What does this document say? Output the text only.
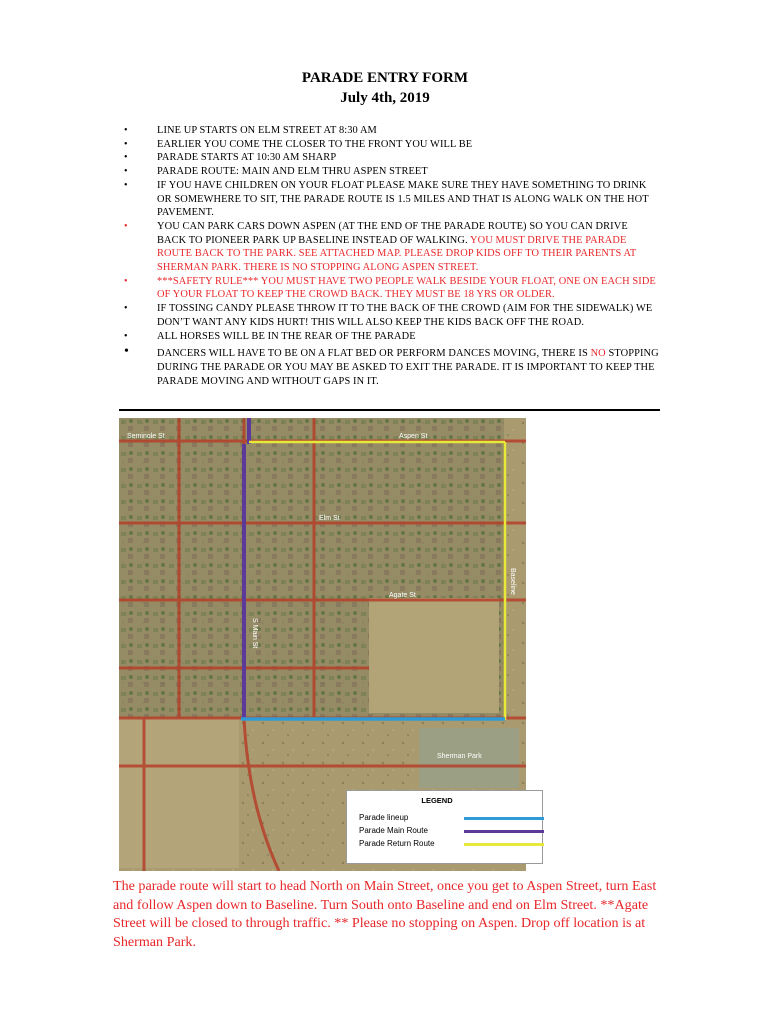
PARADE ENTRY FORM
July 4th, 2019
•	LINE UP STARTS ON ELM STREET AT 8:30 AM
•	EARLIER YOU COME THE CLOSER TO THE FRONT YOU WILL BE
•	PARADE STARTS AT 10:30 AM SHARP
•	PARADE ROUTE: MAIN AND ELM THRU ASPEN STREET
•	IF YOU HAVE CHILDREN ON YOUR FLOAT PLEASE MAKE SURE THEY HAVE SOMETHING TO DRINK OR SOMEWHERE TO SIT, THE PARADE ROUTE IS 1.5 MILES AND THAT IS ALONG WALK ON THE HOT PAVEMENT.
•	YOU CAN PARK CARS DOWN ASPEN (AT THE END OF THE PARADE ROUTE) SO YOU CAN DRIVE BACK TO PIONEER PARK UP BASELINE INSTEAD OF WALKING. YOU MUST DRIVE THE PARADE ROUTE BACK TO THE PARK. SEE ATTACHED MAP. PLEASE DROP KIDS OFF TO THEIR PARENTS AT SHERMAN PARK. THERE IS NO STOPPING ALONG ASPEN STREET.
•	***SAFETY RULE*** YOU MUST HAVE TWO PEOPLE WALK BESIDE YOUR FLOAT, ONE ON EACH SIDE OF YOUR FLOAT TO KEEP THE CROWD BACK. THEY MUST BE 18 YRS OR OLDER.
•	IF TOSSING CANDY PLEASE THROW IT TO THE BACK OF THE CROWD (AIM FOR THE SIDEWALK) WE DON’T WANT ANY KIDS HURT! THIS WILL ALSO KEEP THE KIDS BACK OFF THE ROAD.
•	ALL HORSES WILL BE IN THE REAR OF THE PARADE
•	DANCERS WILL HAVE TO BE ON A FLAT BED OR PERFORM DANCES MOVING, THERE IS NO STOPPING DURING THE PARADE OR YOU MAY BE ASKED TO EXIT THE PARADE. IT IS IMPORTANT TO KEEP THE PARADE MOVING AND WITHOUT GAPS IN IT.
Seminole St	Aspen St
Elm St
Agate St
S Main St
Baseline
Sherman Park
LEGEND
Parade lineup
Parade Main Route
Parade Return Route
The parade route will start to head North on Main Street, once you get to Aspen Street, turn East and follow Aspen down to Baseline. Turn South onto Baseline and end on Elm Street. **Agate Street will be closed to through traffic. ** Please no stopping on Aspen. Drop off location is at Sherman Park.
